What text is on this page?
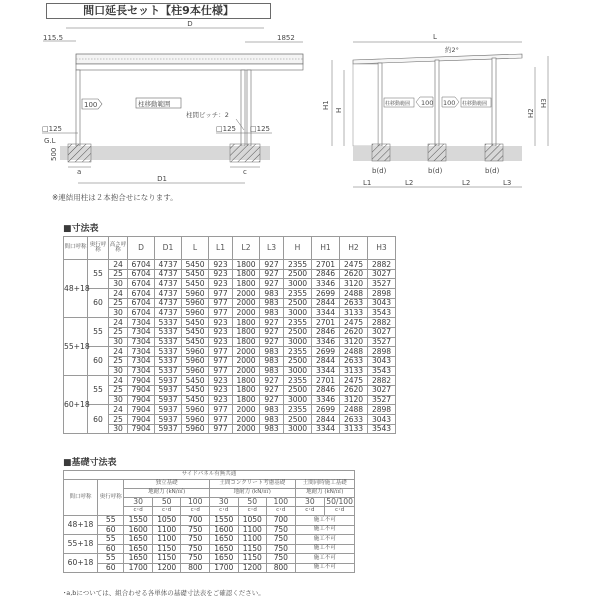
間口延長セット【柱9本仕様】
D
115.5	1852
100	柱移動範囲
柱間ピッチ：2
□125	□125 □125
G.L
500
a	c
D1
※連結用柱は２本抱合せになります。
L
約2°
柱移動範囲 100 100 柱移動範囲
H1
H	H2
H3
b(d)	b(d)	b(d)
L1	L2	L2	L3
■寸法表
間口呼称	奥行呼称	高さ呼称	D	D1	L	L1	L2	L3	H	H1	H2	H3
48+18	55	24	6704	4737	5450	923	1800	927	2355	2701	2475	2882
		25	6704	4737	5450	923	1800	927	2500	2846	2620	3027
		30	6704	4737	5450	923	1800	927	3000	3346	3120	3527
	60	24	6704	4737	5960	977	2000	983	2355	2699	2488	2898
		25	6704	4737	5960	977	2000	983	2500	2844	2633	3043
		30	6704	4737	5960	977	2000	983	3000	3344	3133	3543
55+18	55	24	7304	5337	5450	923	1800	927	2355	2701	2475	2882
		25	7304	5337	5450	923	1800	927	2500	2846	2620	3027
		30	7304	5337	5450	923	1800	927	3000	3346	3120	3527
	60	24	7304	5337	5960	977	2000	983	2355	2699	2488	2898
		25	7304	5337	5960	977	2000	983	2500	2844	2633	3043
		30	7304	5337	5960	977	2000	983	3000	3344	3133	3543
60+18	55	24	7904	5937	5450	923	1800	927	2355	2701	2475	2882
		25	7904	5937	5450	923	1800	927	2500	2846	2620	3027
		30	7904	5937	5450	923	1800	927	3000	3346	3120	3527
	60	24	7904	5937	5960	977	2000	983	2355	2699	2488	2898
		25	7904	5937	5960	977	2000	983	2500	2844	2633	3043
		30	7904	5937	5960	977	2000	983	3000	3344	3133	3543
■基礎寸法表
サイドパネル有無共通									
間口呼称	奥行呼称	独立基礎			土間コンクリート考慮基礎			土間同時施工基礎	
		地耐力 (kN/㎡)			地耐力 (kN/㎡)			地耐力 (kN/㎡)	
		30	50	100	30	50	100	30	50/100
		c･d	c･d	c･d	c･d	c･d	c･d	c･d	c･d
48+18	55	1550	1050	700	1550	1050	700	施工不可	
	60	1600	1100	750	1600	1100	750	施工不可	
55+18	55	1650	1100	750	1650	1100	750	施工不可	
	60	1650	1150	750	1650	1150	750	施工不可	
60+18	55	1650	1150	750	1650	1150	750	施工不可	
	60	1700	1200	800	1700	1200	800	施工不可	
･a,bについては、組合わせる各単体の基礎寸法表をご確認ください。
